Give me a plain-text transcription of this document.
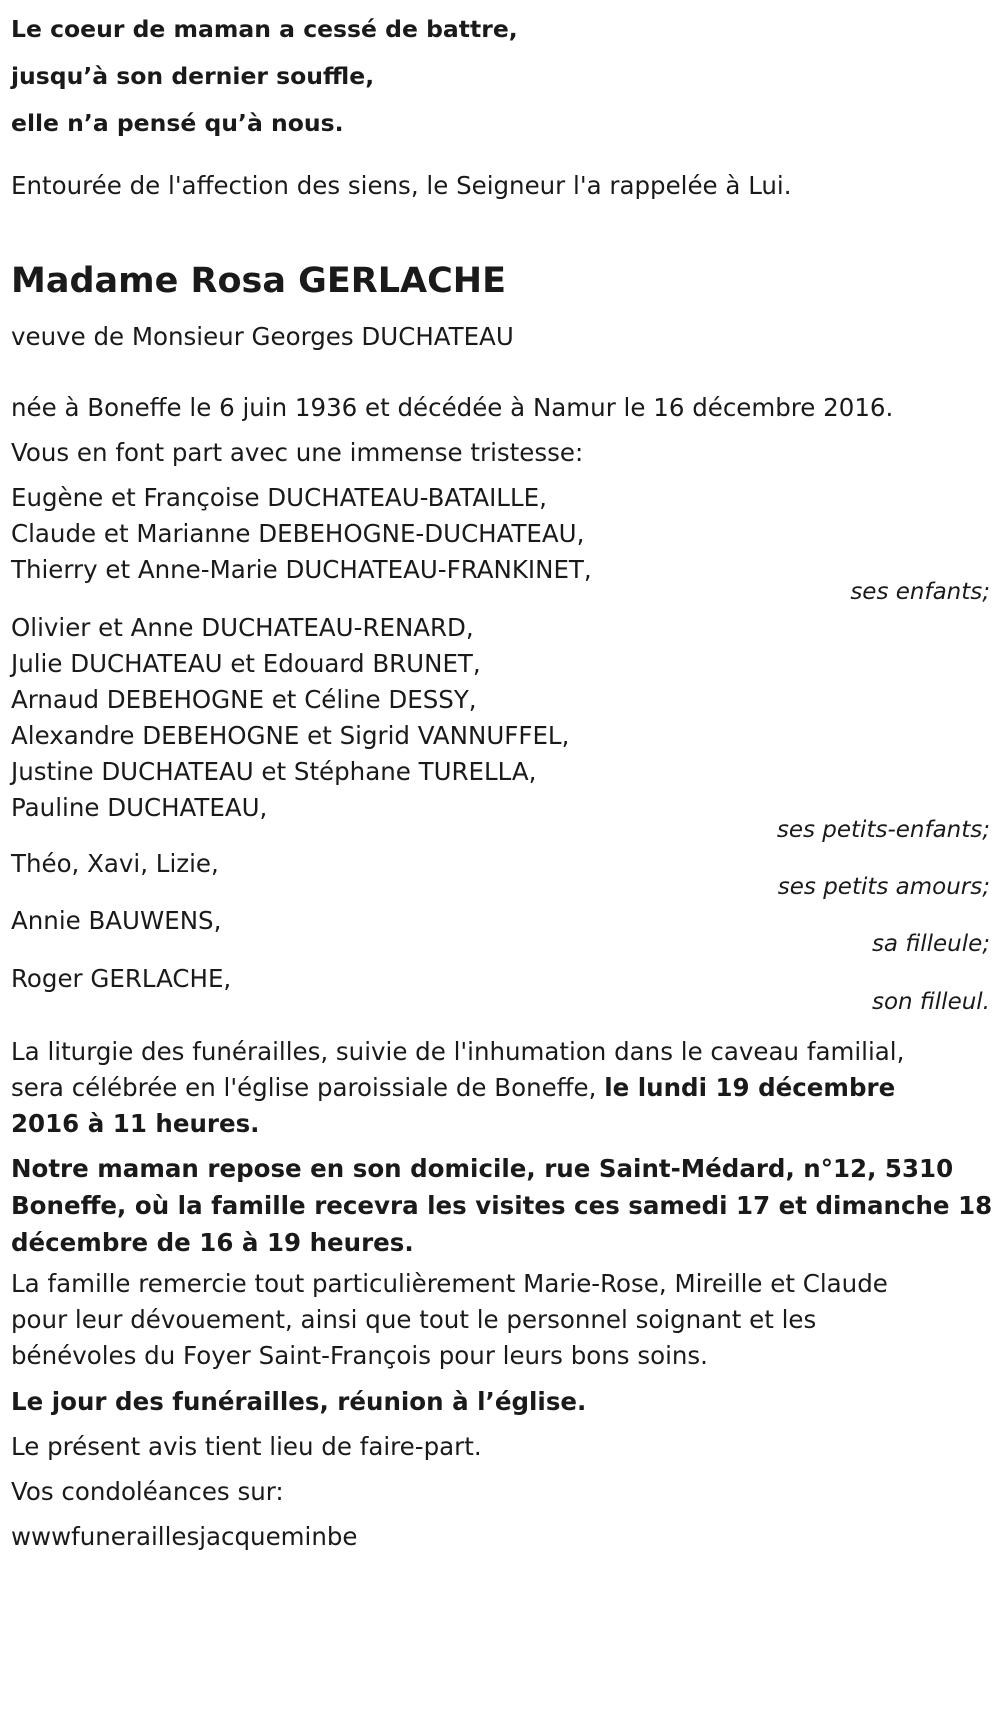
Le coeur de maman a cessé de battre,
jusqu’à son dernier souffle,
elle n’a pensé qu’à nous.
Entourée de l'affection des siens, le Seigneur l'a rappelée à Lui.
Madame Rosa GERLACHE
veuve de Monsieur Georges DUCHATEAU
née à Boneffe le 6 juin 1936 et décédée à Namur le 16 décembre 2016.
Vous en font part avec une immense tristesse:
Eugène et Françoise DUCHATEAU-BATAILLE,
Claude et Marianne DEBEHOGNE-DUCHATEAU,
Thierry et Anne-Marie DUCHATEAU-FRANKINET,
ses enfants;
Olivier et Anne DUCHATEAU-RENARD,
Julie DUCHATEAU et Edouard BRUNET,
Arnaud DEBEHOGNE et Céline DESSY,
Alexandre DEBEHOGNE et Sigrid VANNUFFEL,
Justine DUCHATEAU et Stéphane TURELLA,
Pauline DUCHATEAU,
ses petits-enfants;
Théo, Xavi, Lizie,
ses petits amours;
Annie BAUWENS,
sa filleule;
Roger GERLACHE,
son filleul.
La liturgie des funérailles, suivie de l'inhumation dans le caveau familial,
sera célébrée en l'église paroissiale de Boneffe, le lundi 19 décembre
2016 à 11 heures.
Notre maman repose en son domicile, rue Saint-Médard, n°12, 5310
Boneffe, où la famille recevra les visites ces samedi 17 et dimanche 18
décembre de 16 à 19 heures.
La famille remercie tout particulièrement Marie-Rose, Mireille et Claude
pour leur dévouement, ainsi que tout le personnel soignant et les
bénévoles du Foyer Saint-François pour leurs bons soins.
Le jour des funérailles, réunion à l’église.
Le présent avis tient lieu de faire-part.
Vos condoléances sur:
wwwfuneraillesjacqueminbe
